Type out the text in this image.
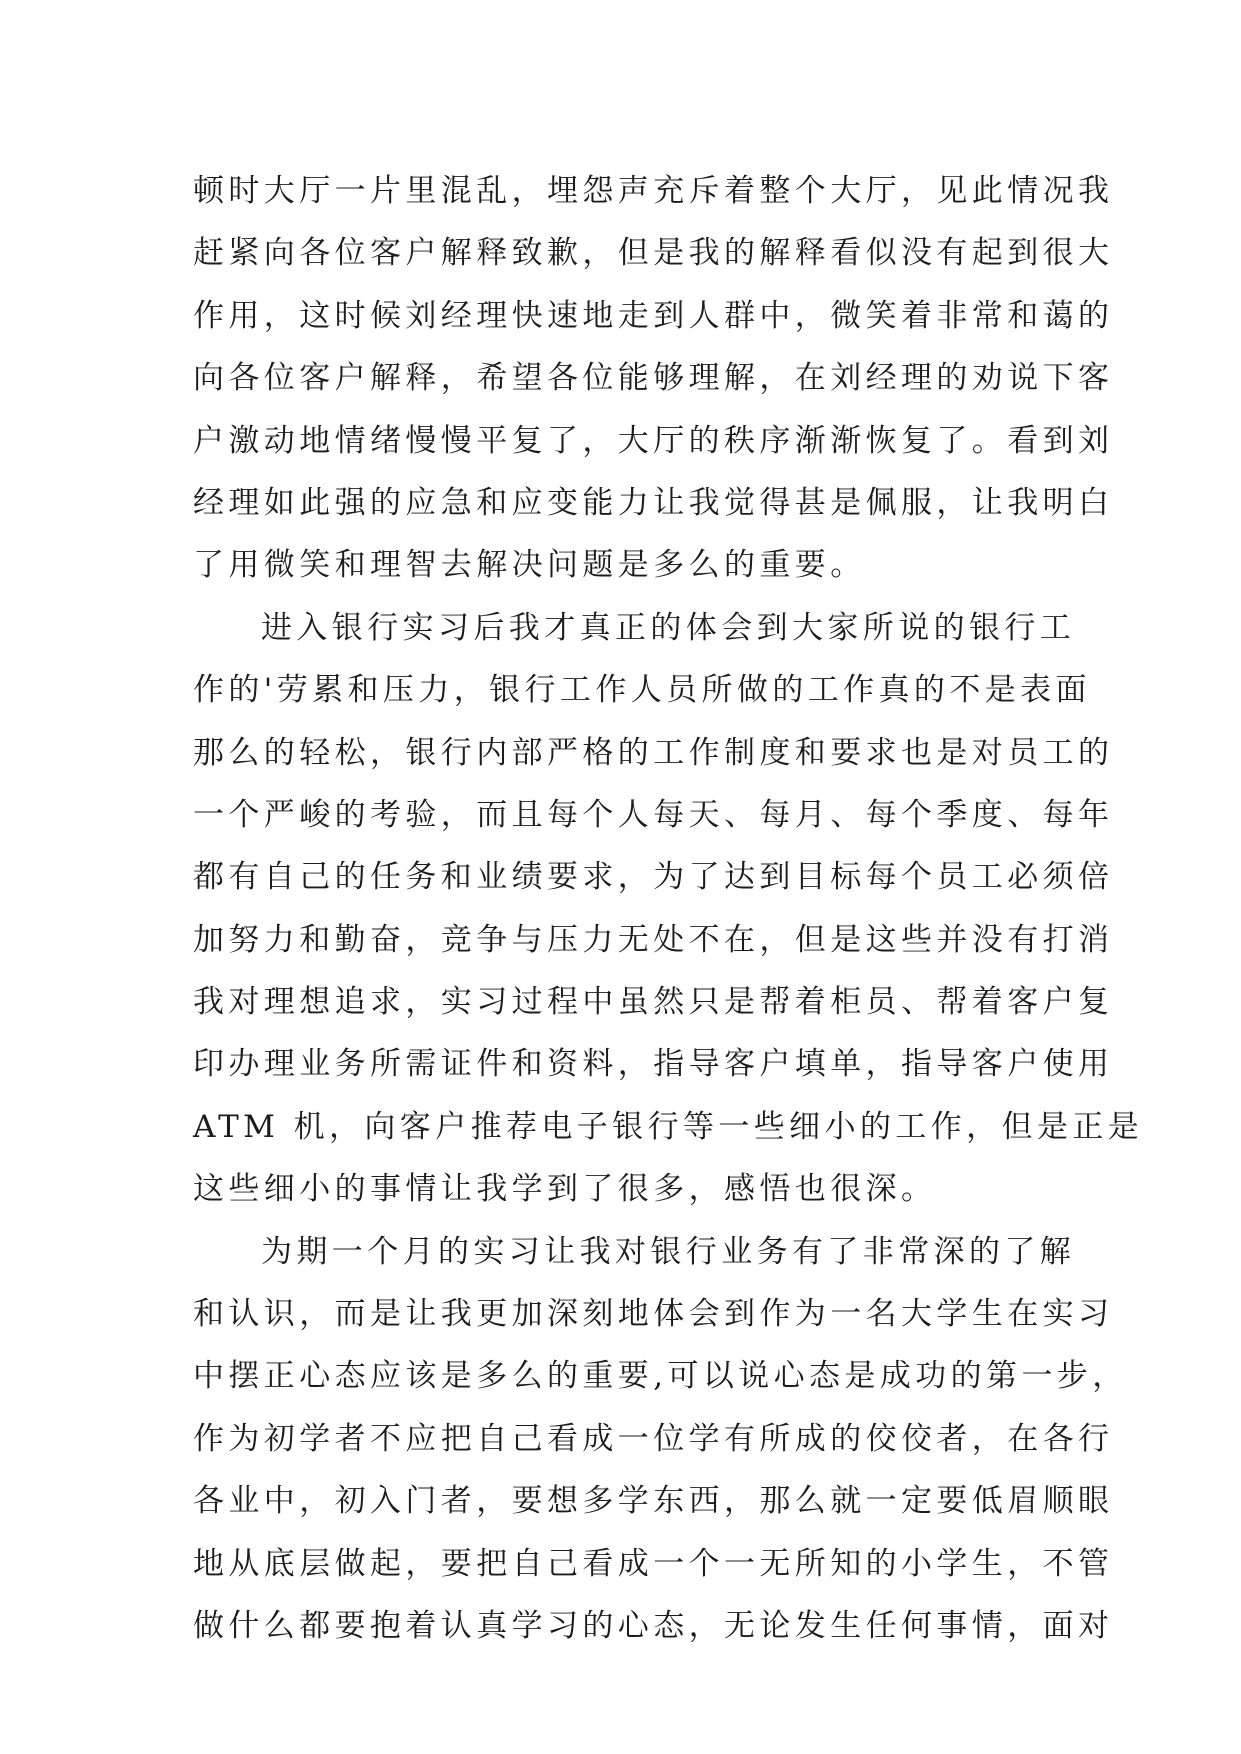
顿时大厅一片里混乱，埋怨声充斥着整个大厅，见此情况我
赶紧向各位客户解释致歉，但是我的解释看似没有起到很大
作用，这时候刘经理快速地走到人群中，微笑着非常和蔼的
向各位客户解释，希望各位能够理解，在刘经理的劝说下客
户激动地情绪慢慢平复了，大厅的秩序渐渐恢复了。看到刘
经理如此强的应急和应变能力让我觉得甚是佩服，让我明白
了用微笑和理智去解决问题是多么的重要。
进入银行实习后我才真正的体会到大家所说的银行工
作的'劳累和压力，银行工作人员所做的工作真的不是表面
那么的轻松，银行内部严格的工作制度和要求也是对员工的
一个严峻的考验，而且每个人每天、每月、每个季度、每年
都有自己的任务和业绩要求，为了达到目标每个员工必须倍
加努力和勤奋，竞争与压力无处不在，但是这些并没有打消
我对理想追求，实习过程中虽然只是帮着柜员、帮着客户复
印办理业务所需证件和资料，指导客户填单，指导客户使用
ATM 机，向客户推荐电子银行等一些细小的工作，但是正是
这些细小的事情让我学到了很多，感悟也很深。
为期一个月的实习让我对银行业务有了非常深的了解
和认识，而是让我更加深刻地体会到作为一名大学生在实习
中摆正心态应该是多么的重要,可以说心态是成功的第一步，
作为初学者不应把自己看成一位学有所成的佼佼者，在各行
各业中，初入门者，要想多学东西，那么就一定要低眉顺眼
地从底层做起，要把自己看成一个一无所知的小学生，不管
做什么都要抱着认真学习的心态，无论发生任何事情，面对
